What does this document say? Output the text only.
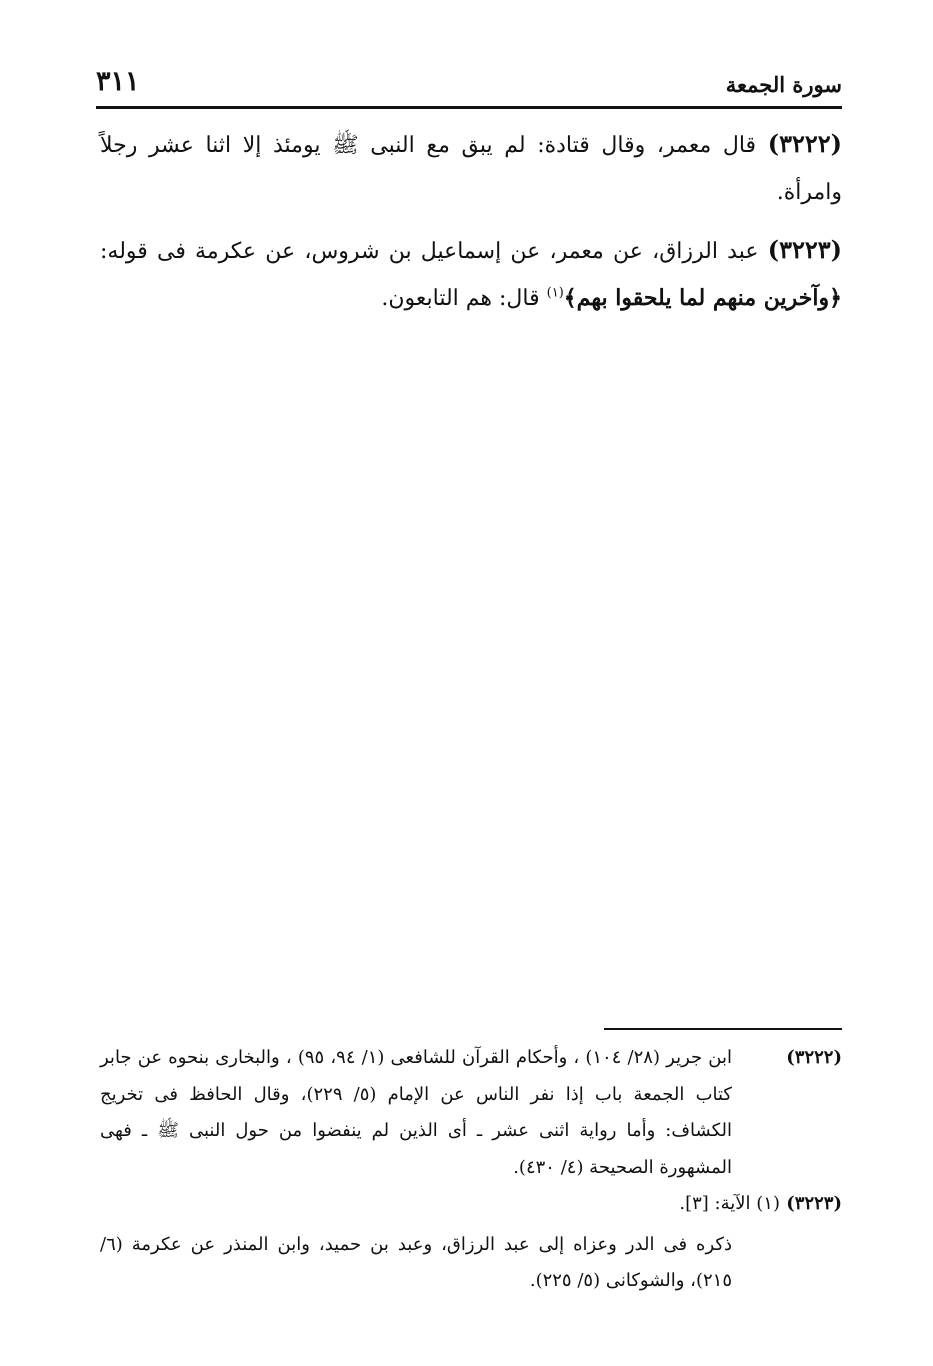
٣١١	سورة الجمعة

(٣٢٢٢) قال معمر، وقال قتادة: لم يبق مع النبى ﷺ يومئذ إلا اثنا عشر رجلاً وامرأة.

(٣٢٢٣) عبد الرزاق، عن معمر، عن إسماعيل بن شروس، عن عكرمة فى قوله: ﴿وآخرين منهم لما يلحقوا بهم﴾$^{(١)}$ قال: هم التابعون.

(٣٢٢٢)
ابن جرير (٢٨/ ١٠٤) ، وأحكام القرآن للشافعى (١/ ٩٤، ٩٥) ، والبخارى بنحوه عن جابر كتاب الجمعة باب إذا نفر الناس عن الإمام (٥/ ٢٢٩)، وقال الحافظ فى تخريج الكشاف: وأما رواية اثنى عشر ـ أى الذين لم ينفضوا من حول النبى ﷺ ـ فهى المشهورة الصحيحة (٤/ ٤٣٠).
(٣٢٢٣) (١) الآية: [٣].
ذكره فى الدر وعزاه إلى عبد الرزاق، وعبد بن حميد، وابن المنذر عن عكرمة (٦/ ٢١٥)، والشوكانى (٥/ ٢٢٥).
